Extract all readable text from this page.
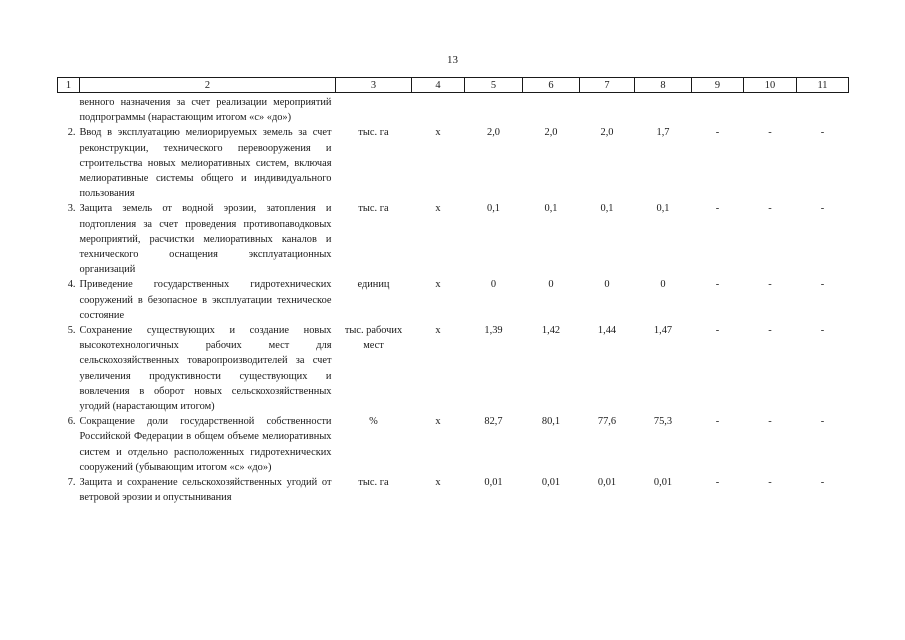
13
1	2	3	4	5	6	7	8	9	10	11
	венного назначения за счет реализации мероприятий подпрограммы (нарастающим итогом «с» «до»)									
2.	Ввод в эксплуатацию мелиорируемых земель за счет реконструкции, технического перевооружения и строительства новых мелиоративных систем, включая мелиоративные системы общего и индивидуального пользования	тыс. га	х	2,0	2,0	2,0	1,7	-	-	-
3.	Защита земель от водной эрозии, затопления и подтопления за счет проведения противопаводковых мероприятий, расчистки мелиоративных каналов и технического оснащения эксплуатационных организаций	тыс. га	х	0,1	0,1	0,1	0,1	-	-	-
4.	Приведение государственных гидротехнических сооружений в безопасное в эксплуатации техническое состояние	единиц	х	0	0	0	0	-	-	-
5.	Сохранение существующих и создание новых высокотехнологичных рабочих мест для сельскохозяйственных товаропроизводителей за счет увеличения продуктивности существующих и вовлечения в оборот новых сельскохозяйственных угодий (нарастающим итогом)	тыс. рабочих мест	х	1,39	1,42	1,44	1,47	-	-	-
6.	Сокращение доли государственной собственности Российской Федерации в общем объеме мелиоративных систем и отдельно расположенных гидротехнических сооружений (убывающим итогом «с» «до»)	%	х	82,7	80,1	77,6	75,3	-	-	-
7.	Защита и сохранение сельскохозяйственных угодий от ветровой эрозии и опустынивания	тыс. га	х	0,01	0,01	0,01	0,01	-	-	-
